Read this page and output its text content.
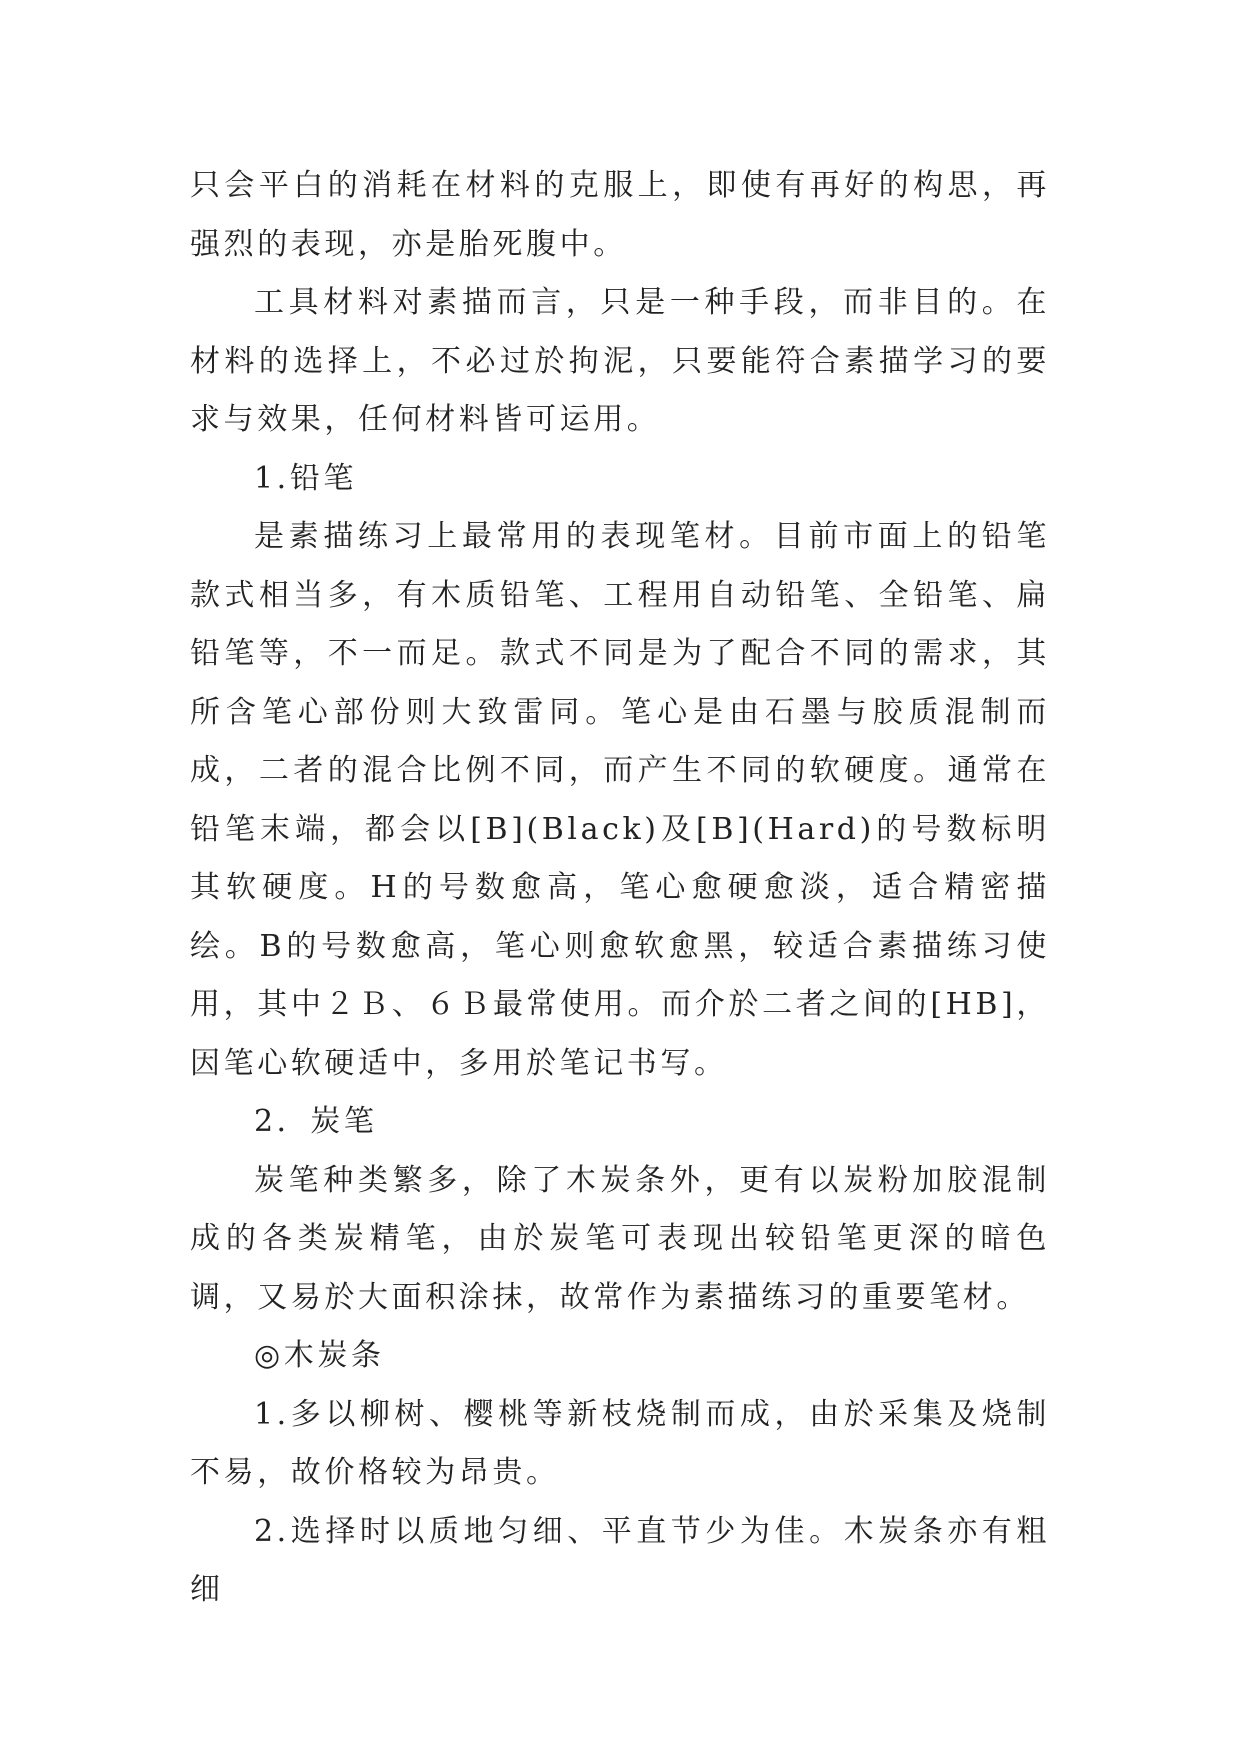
只会平白的消耗在材料的克服上，即使有再好的构思，再强烈的表现，亦是胎死腹中。

工具材料对素描而言，只是一种手段，而非目的。在材料的选择上，不必过於拘泥，只要能符合素描学习的要求与效果，任何材料皆可运用。

1.铅笔

是素描练习上最常用的表现笔材。目前市面上的铅笔款式相当多，有木质铅笔、工程用自动铅笔、全铅笔、扁铅笔等，不一而足。款式不同是为了配合不同的需求，其所含笔心部份则大致雷同。笔心是由石墨与胶质混制而成，二者的混合比例不同，而产生不同的软硬度。通常在铅笔末端，都会以[B](Black)及[B](Hard)的号数标明其软硬度。H的号数愈高，笔心愈硬愈淡，适合精密描绘。B的号数愈高，笔心则愈软愈黑，较适合素描练习使用，其中２Ｂ、６Ｂ最常使用。而介於二者之间的[HB]，因笔心软硬适中，多用於笔记书写。

2．炭笔

炭笔种类繁多，除了木炭条外，更有以炭粉加胶混制成的各类炭精笔，由於炭笔可表现出较铅笔更深的暗色调，又易於大面积涂抹，故常作为素描练习的重要笔材。

◎木炭条

1.多以柳树、樱桃等新枝烧制而成，由於采集及烧制不易，故价格较为昂贵。

2.选择时以质地匀细、平直节少为佳。木炭条亦有粗细
